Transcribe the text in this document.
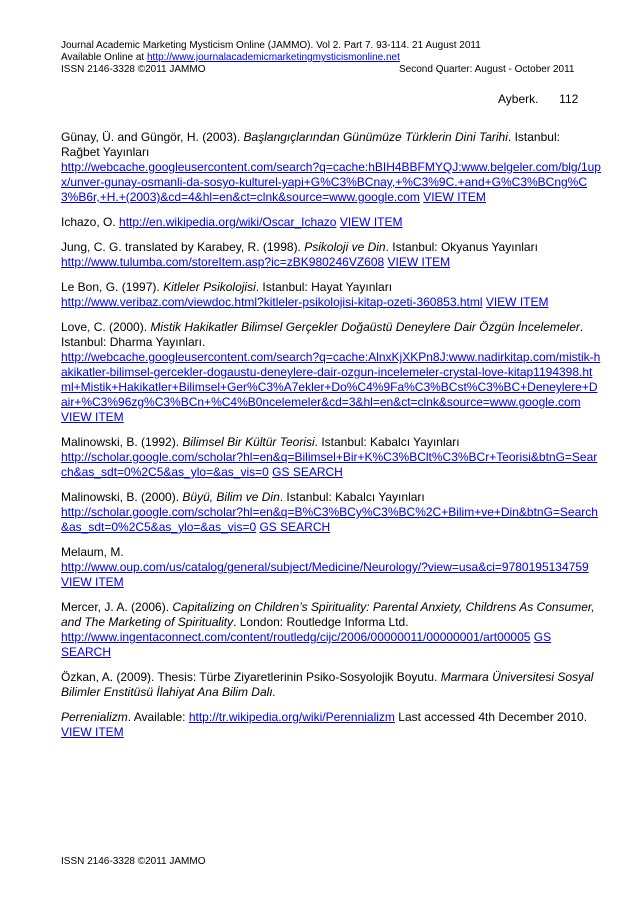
Journal Academic Marketing Mysticism Online (JAMMO). Vol 2. Part 7. 93-114. 21 August 2011
Available Online at http://www.journalacademicmarketingmysticismonline.net
ISSN 2146-3328 ©2011 JAMMO	Second Quarter: August - October 2011
Ayberk. 112

Günay, Ü. and Güngör, H. (2003). Başlangıçlarından Günümüze Türklerin Dini Tarihi. Istanbul: Rağbet Yayınları
http://webcache.googleusercontent.com/search?q=cache:hBIH4BBFMYQJ:www.belgeler.com/blg/1upx/unver-gunay-osmanli-da-sosyo-kulturel-yapi+G%C3%BCnay,+%C3%9C.+and+G%C3%BCng%C3%B6r,+H.+(2003)&cd=4&hl=en&ct=clnk&source=www.google.com VIEW ITEM

Ichazo, O. http://en.wikipedia.org/wiki/Oscar_Ichazo VIEW ITEM

Jung, C. G. translated by Karabey, R. (1998). Psikoloji ve Din. Istanbul: Okyanus Yayınları
http://www.tulumba.com/storeItem.asp?ic=zBK980246VZ608 VIEW ITEM

Le Bon, G. (1997). Kitleler Psikolojisi. Istanbul: Hayat Yayınları
http://www.veribaz.com/viewdoc.html?kitleler-psikolojisi-kitap-ozeti-360853.html VIEW ITEM

Love, C. (2000). Mistik Hakikatler Bilimsel Gerçekler Doğaüstü Deneylere Dair Özgün İncelemeler. Istanbul: Dharma Yayınları.
http://webcache.googleusercontent.com/search?q=cache:AlnxKjXKPn8J:www.nadirkitap.com/mistik-hakikatler-bilimsel-gercekler-dogaustu-deneylere-dair-ozgun-incelemeler-crystal-love-kitap1194398.html+Mistik+Hakikatler+Bilimsel+Ger%C3%A7ekler+Do%C4%9Fa%C3%BCst%C3%BC+Deneylere+Dair+%C3%96zg%C3%BCn+%C4%B0ncelemeler&cd=3&hl=en&ct=clnk&source=www.google.com VIEW ITEM

Malinowski, B. (1992). Bilimsel Bir Kültür Teorisi. Istanbul: Kabalcı Yayınları
http://scholar.google.com/scholar?hl=en&q=Bilimsel+Bir+K%C3%BClt%C3%BCr+Teorisi&btnG=Search&as_sdt=0%2C5&as_ylo=&as_vis=0 GS SEARCH

Malinowski, B. (2000). Büyü, Bilim ve Din. Istanbul: Kabalcı Yayınları
http://scholar.google.com/scholar?hl=en&q=B%C3%BCy%C3%BC%2C+Bilim+ve+Din&btnG=Search&as_sdt=0%2C5&as_ylo=&as_vis=0 GS SEARCH

Melaum, M.
http://www.oup.com/us/catalog/general/subject/Medicine/Neurology/?view=usa&ci=9780195134759 VIEW ITEM

Mercer, J. A. (2006). Capitalizing on Children’s Spirituality: Parental Anxiety, Childrens As Consumer, and The Marketing of Spirituality. London: Routledge Informa Ltd.
http://www.ingentaconnect.com/content/routledg/cijc/2006/00000011/00000001/art00005 GS SEARCH

Özkan, A. (2009). Thesis: Türbe Ziyaretlerinin Psiko-Sosyolojik Boyutu. Marmara Üniversitesi Sosyal Bilimler Enstitüsü İlahiyat Ana Bilim Dalı.

Perrenializm. Available: http://tr.wikipedia.org/wiki/Perennializm Last accessed 4th December 2010. VIEW ITEM

ISSN 2146-3328 ©2011 JAMMO
